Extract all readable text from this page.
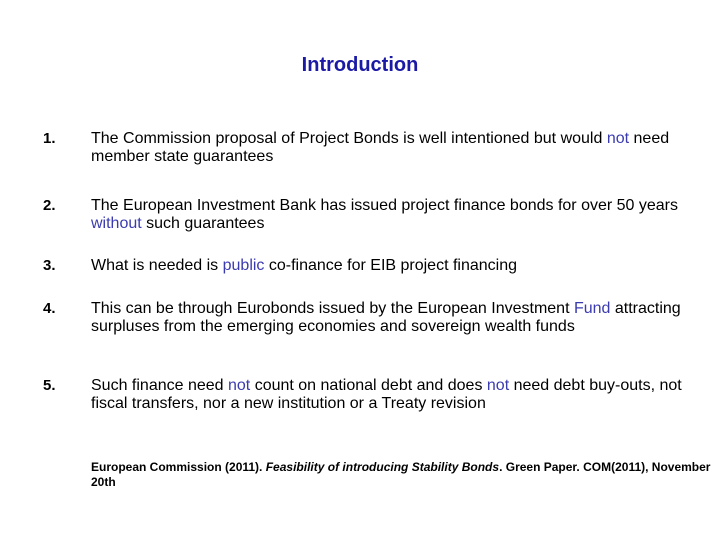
Introduction
1. The Commission proposal of Project Bonds is well intentioned but would not need member state guarantees
2. The European Investment Bank has issued project finance bonds for over 50 years without such guarantees
3. What is needed is public co-finance for EIB project financing
4. This can be through Eurobonds issued by the European Investment Fund attracting surpluses from the emerging economies and sovereign wealth funds
5. Such finance need not count on national debt and does not need debt buy-outs, not fiscal transfers, nor a new institution or a Treaty revision
European Commission (2011). Feasibility of introducing Stability Bonds. Green Paper. COM(2011), November 20th
